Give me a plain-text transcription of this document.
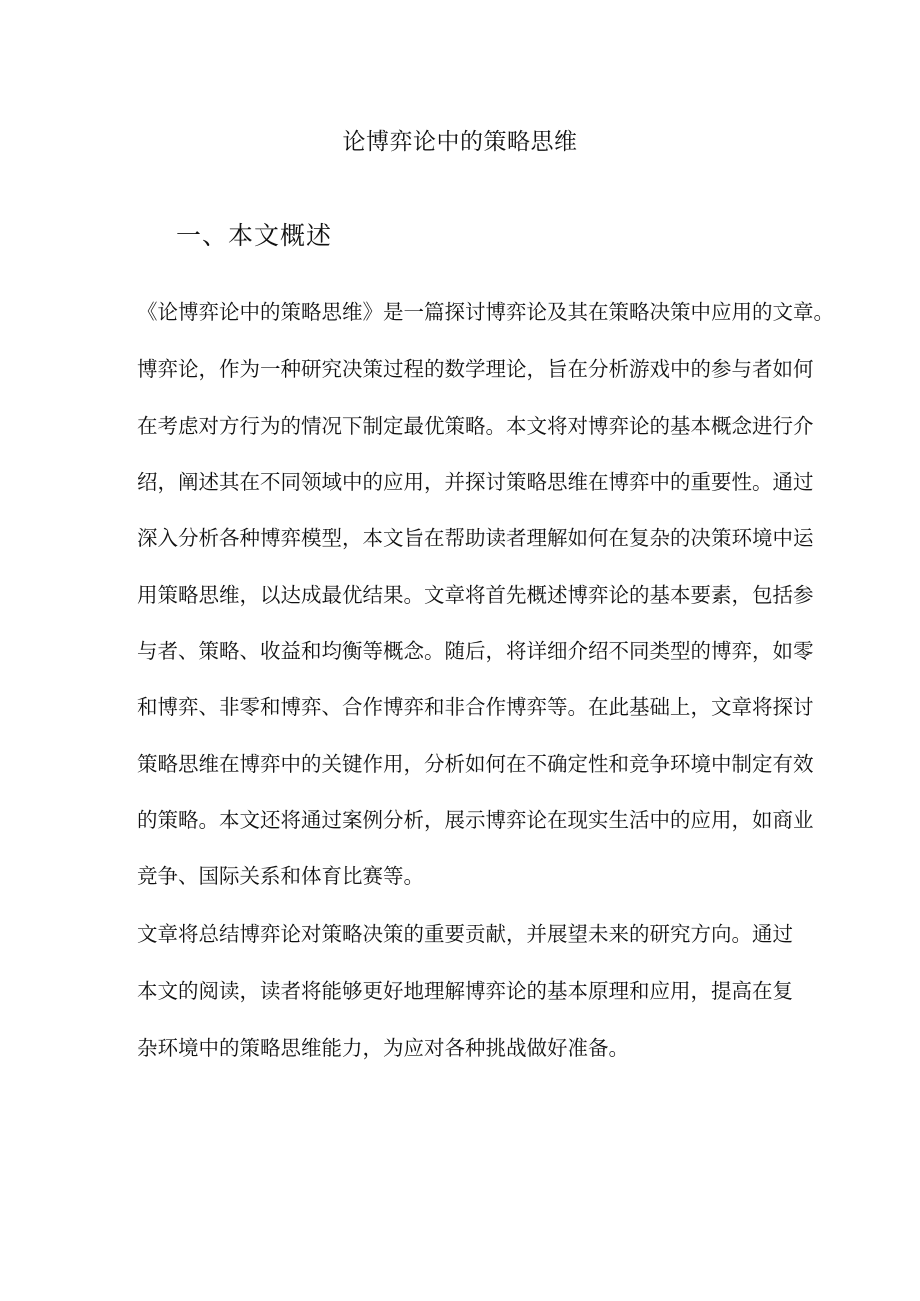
论博弈论中的策略思维
一、本文概述

《论博弈论中的策略思维》是一篇探讨博弈论及其在策略决策中应用的文章。

博弈论，作为一种研究决策过程的数学理论，旨在分析游戏中的参与者如何

在考虑对方行为的情况下制定最优策略。本文将对博弈论的基本概念进行介

绍，阐述其在不同领域中的应用，并探讨策略思维在博弈中的重要性。通过

深入分析各种博弈模型，本文旨在帮助读者理解如何在复杂的决策环境中运

用策略思维，以达成最优结果。文章将首先概述博弈论的基本要素，包括参

与者、策略、收益和均衡等概念。随后，将详细介绍不同类型的博弈，如零

和博弈、非零和博弈、合作博弈和非合作博弈等。在此基础上，文章将探讨

策略思维在博弈中的关键作用，分析如何在不确定性和竞争环境中制定有效

的策略。本文还将通过案例分析，展示博弈论在现实生活中的应用，如商业

竞争、国际关系和体育比赛等。

文章将总结博弈论对策略决策的重要贡献，并展望未来的研究方向。通过

本文的阅读，读者将能够更好地理解博弈论的基本原理和应用，提高在复

杂环境中的策略思维能力，为应对各种挑战做好准备。
